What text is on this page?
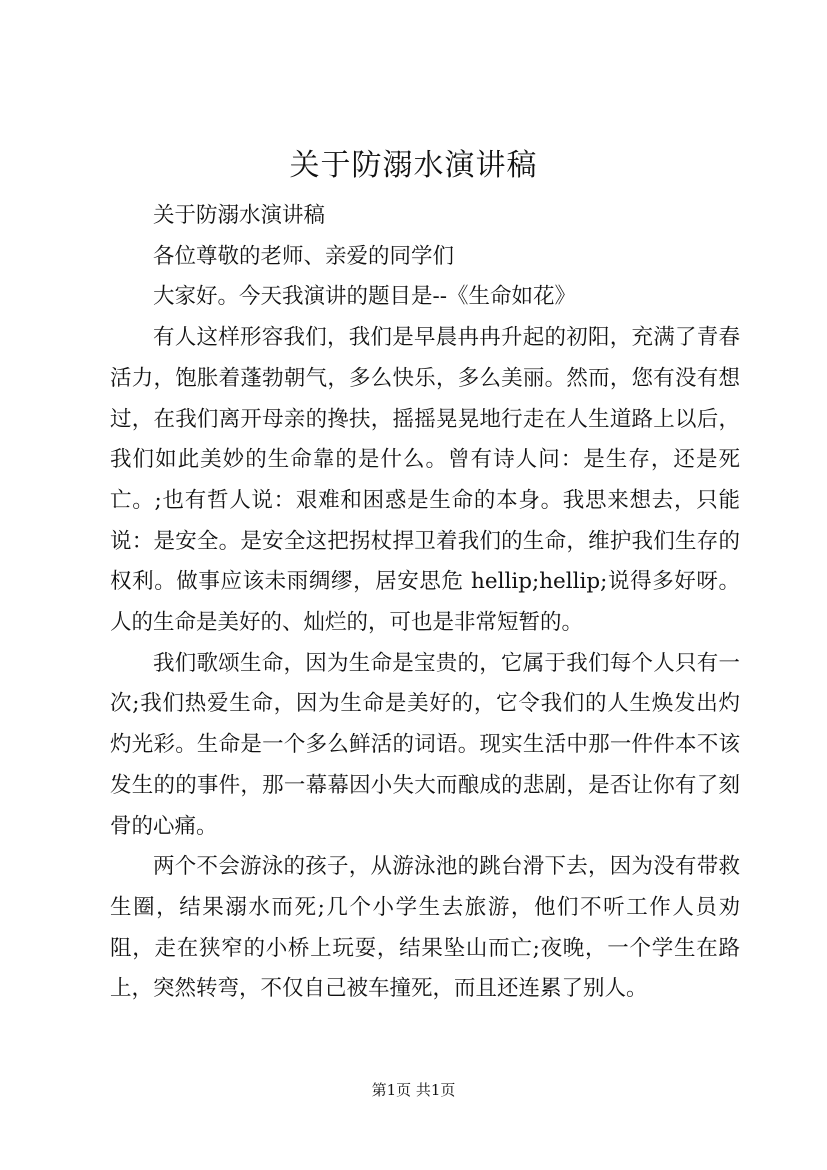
关于防溺水演讲稿

关于防溺水演讲稿

各位尊敬的老师、亲爱的同学们

大家好。今天我演讲的题目是--《生命如花》

有人这样形容我们，我们是早晨冉冉升起的初阳，充满了青春活力，饱胀着蓬勃朝气，多么快乐，多么美丽。然而，您有没有想过，在我们离开母亲的搀扶，摇摇晃晃地行走在人生道路上以后，我们如此美妙的生命靠的是什么。曾有诗人问：是生存，还是死亡。;也有哲人说：艰难和困惑是生命的本身。我思来想去，只能说：是安全。是安全这把拐杖捍卫着我们的生命，维护我们生存的权利。做事应该未雨绸缪，居安思危 hellip;hellip;说得多好呀。人的生命是美好的、灿烂的，可也是非常短暂的。

我们歌颂生命，因为生命是宝贵的，它属于我们每个人只有一次;我们热爱生命，因为生命是美好的，它令我们的人生焕发出灼灼光彩。生命是一个多么鲜活的词语。现实生活中那一件件本不该发生的的事件，那一幕幕因小失大而酿成的悲剧，是否让你有了刻骨的心痛。

两个不会游泳的孩子，从游泳池的跳台滑下去，因为没有带救生圈，结果溺水而死;几个小学生去旅游，他们不听工作人员劝阻，走在狭窄的小桥上玩耍，结果坠山而亡;夜晚，一个学生在路上，突然转弯，不仅自己被车撞死，而且还连累了别人。

第1页 共1页
